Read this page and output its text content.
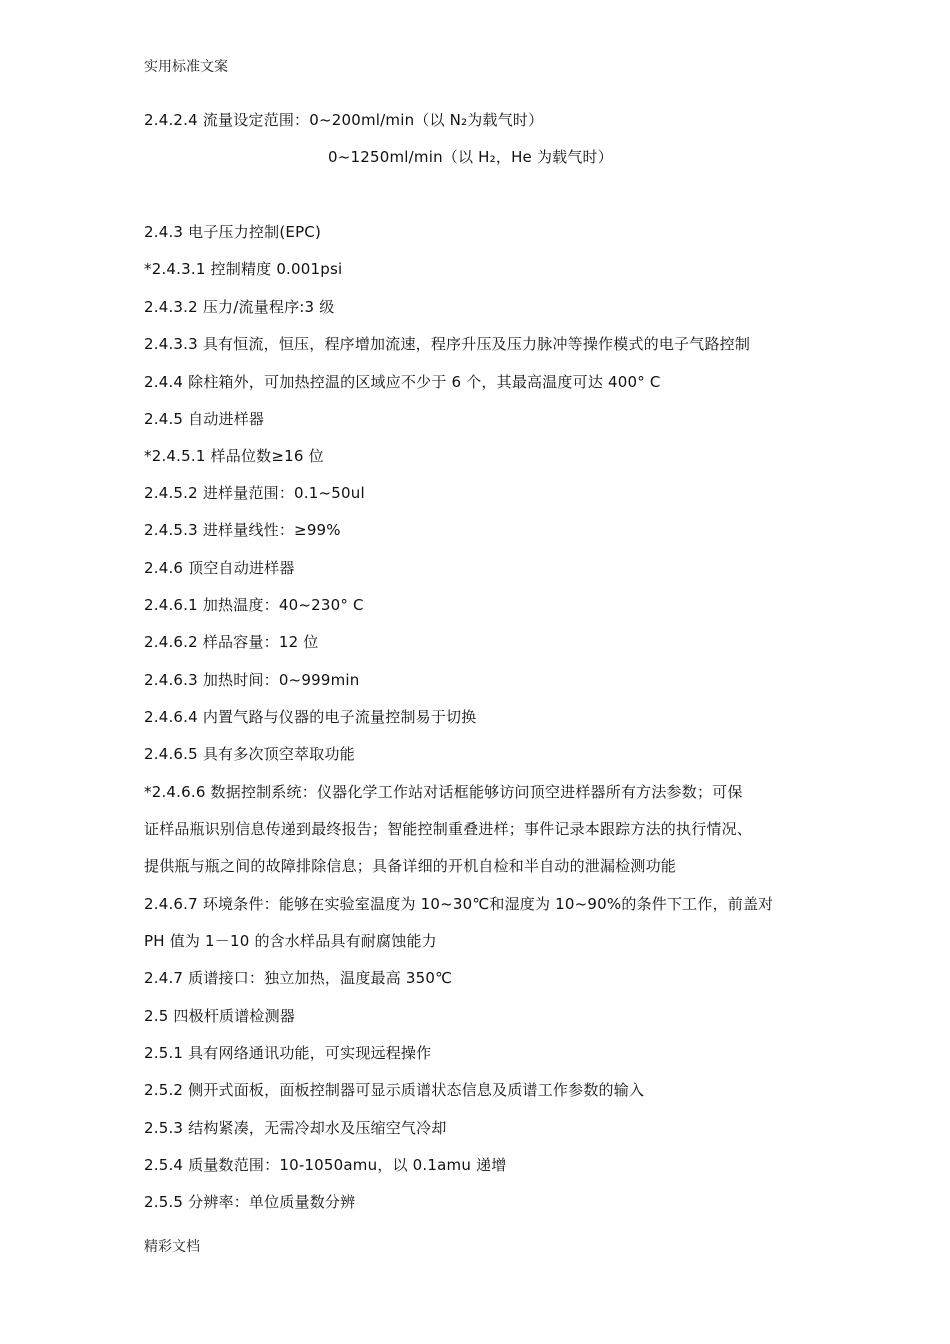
实用标准文案
2.4.2.4 流量设定范围：0~200ml/min（以 N₂为载气时）
0~1250ml/min（以 H₂，He 为载气时）
2.4.3 电子压力控制(EPC)
*2.4.3.1 控制精度 0.001psi
2.4.3.2 压力/流量程序:3 级
2.4.3.3 具有恒流，恒压，程序增加流速，程序升压及压力脉冲等操作模式的电子气路控制
2.4.4 除柱箱外，可加热控温的区域应不少于 6 个，其最高温度可达 400° C
2.4.5 自动进样器
*2.4.5.1 样品位数≥16 位
2.4.5.2 进样量范围：0.1~50ul
2.4.5.3 进样量线性：≥99%
2.4.6 顶空自动进样器
2.4.6.1 加热温度：40~230° C
2.4.6.2 样品容量：12 位
2.4.6.3 加热时间：0~999min
2.4.6.4 内置气路与仪器的电子流量控制易于切换
2.4.6.5 具有多次顶空萃取功能
*2.4.6.6 数据控制系统：仪器化学工作站对话框能够访问顶空进样器所有方法参数；可保
证样品瓶识别信息传递到最终报告；智能控制重叠进样；事件记录本跟踪方法的执行情况、
提供瓶与瓶之间的故障排除信息；具备详细的开机自检和半自动的泄漏检测功能
2.4.6.7 环境条件：能够在实验室温度为 10~30℃和湿度为 10~90%的条件下工作，前盖对
PH 值为 1－10 的含水样品具有耐腐蚀能力
2.4.7 质谱接口：独立加热，温度最高 350℃
2.5 四极杆质谱检测器
2.5.1 具有网络通讯功能，可实现远程操作
2.5.2 侧开式面板，面板控制器可显示质谱状态信息及质谱工作参数的输入
2.5.3 结构紧凑，无需冷却水及压缩空气冷却
2.5.4 质量数范围：10-1050amu，以 0.1amu 递增
2.5.5 分辨率：单位质量数分辨
精彩文档
